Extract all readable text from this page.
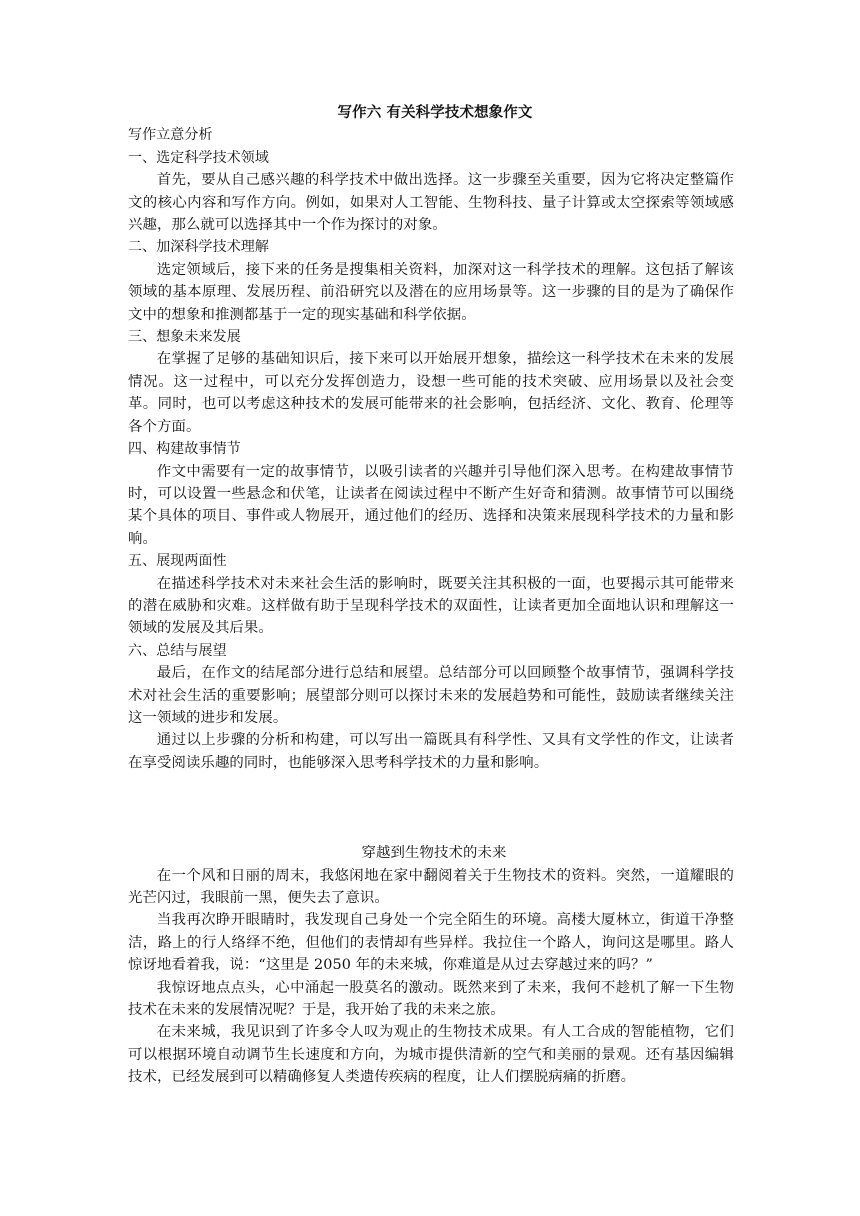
写作六 有关科学技术想象作文

写作立意分析

一、选定科学技术领域

首先，要从自己感兴趣的科学技术中做出选择。这一步骤至关重要，因为它将决定整篇作文的核心内容和写作方向。例如，如果对人工智能、生物科技、量子计算或太空探索等领域感兴趣，那么就可以选择其中一个作为探讨的对象。

二、加深科学技术理解

选定领域后，接下来的任务是搜集相关资料，加深对这一科学技术的理解。这包括了解该领域的基本原理、发展历程、前沿研究以及潜在的应用场景等。这一步骤的目的是为了确保作文中的想象和推测都基于一定的现实基础和科学依据。

三、想象未来发展

在掌握了足够的基础知识后，接下来可以开始展开想象，描绘这一科学技术在未来的发展情况。这一过程中，可以充分发挥创造力，设想一些可能的技术突破、应用场景以及社会变革。同时，也可以考虑这种技术的发展可能带来的社会影响，包括经济、文化、教育、伦理等各个方面。

四、构建故事情节

作文中需要有一定的故事情节，以吸引读者的兴趣并引导他们深入思考。在构建故事情节时，可以设置一些悬念和伏笔，让读者在阅读过程中不断产生好奇和猜测。故事情节可以围绕某个具体的项目、事件或人物展开，通过他们的经历、选择和决策来展现科学技术的力量和影响。

五、展现两面性

在描述科学技术对未来社会生活的影响时，既要关注其积极的一面，也要揭示其可能带来的潜在威胁和灾难。这样做有助于呈现科学技术的双面性，让读者更加全面地认识和理解这一领域的发展及其后果。

六、总结与展望

最后，在作文的结尾部分进行总结和展望。总结部分可以回顾整个故事情节，强调科学技术对社会生活的重要影响；展望部分则可以探讨未来的发展趋势和可能性，鼓励读者继续关注这一领域的进步和发展。

通过以上步骤的分析和构建，可以写出一篇既具有科学性、又具有文学性的作文，让读者在享受阅读乐趣的同时，也能够深入思考科学技术的力量和影响。

穿越到生物技术的未来

在一个风和日丽的周末，我悠闲地在家中翻阅着关于生物技术的资料。突然，一道耀眼的光芒闪过，我眼前一黑，便失去了意识。

当我再次睁开眼睛时，我发现自己身处一个完全陌生的环境。高楼大厦林立，街道干净整洁，路上的行人络绎不绝，但他们的表情却有些异样。我拉住一个路人，询问这是哪里。路人惊讶地看着我，说：“这里是 2050 年的未来城，你难道是从过去穿越过来的吗？”

我惊讶地点点头，心中涌起一股莫名的激动。既然来到了未来，我何不趁机了解一下生物技术在未来的发展情况呢？于是，我开始了我的未来之旅。

在未来城，我见识到了许多令人叹为观止的生物技术成果。有人工合成的智能植物，它们可以根据环境自动调节生长速度和方向，为城市提供清新的空气和美丽的景观。还有基因编辑技术，已经发展到可以精确修复人类遗传疾病的程度，让人们摆脱病痛的折磨。
